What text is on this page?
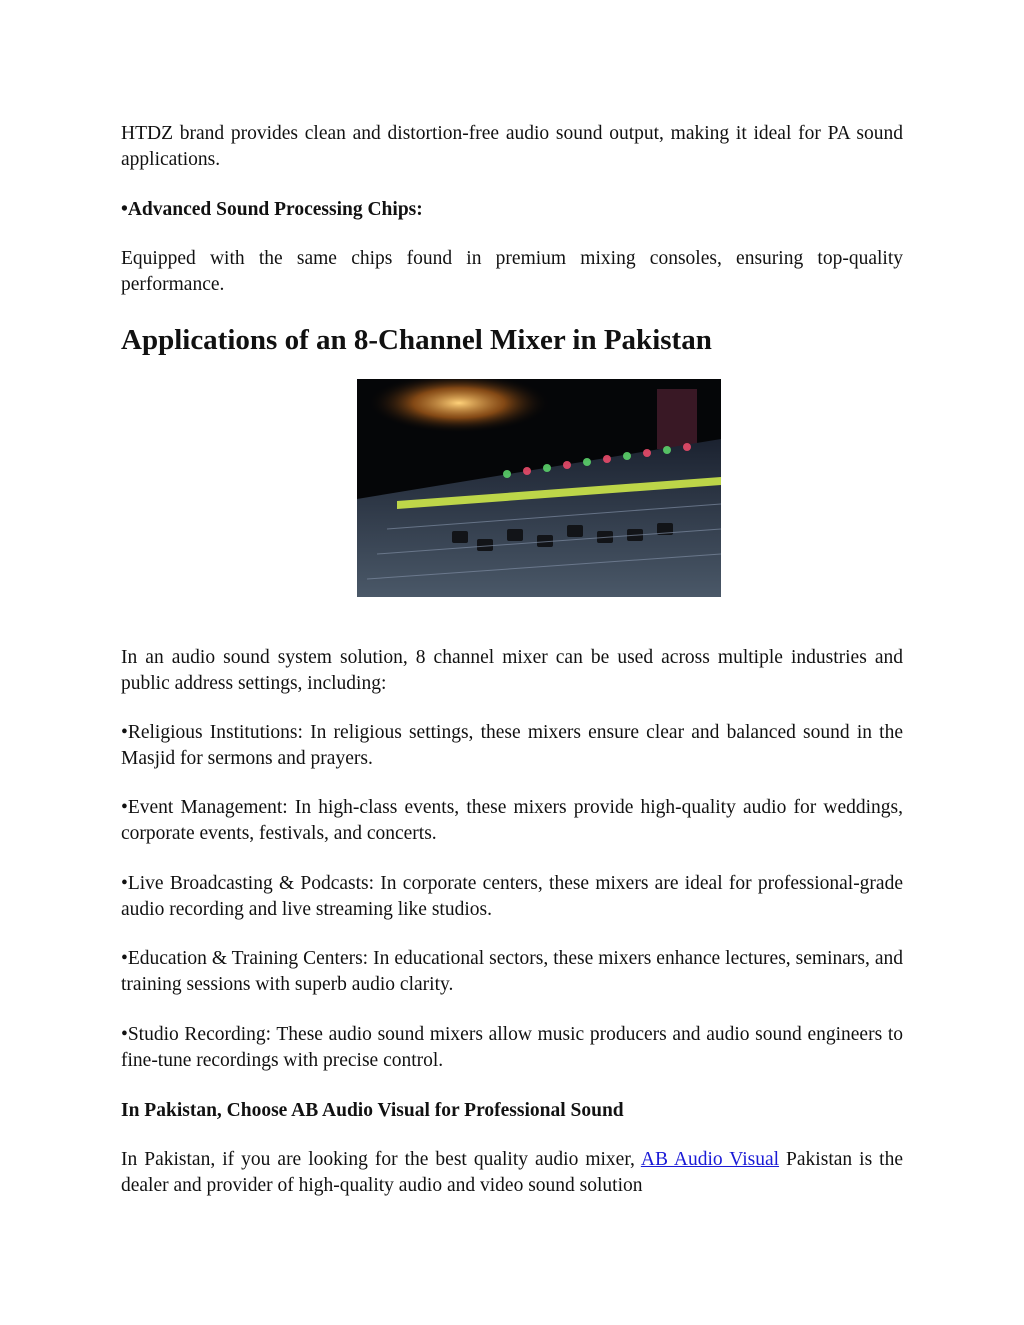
HTDZ brand provides clean and distortion-free audio sound output, making it ideal for PA sound applications.

•Advanced Sound Processing Chips:

Equipped with the same chips found in premium mixing consoles, ensuring top-quality performance.

Applications of an 8-Channel Mixer in Pakistan

In an audio sound system solution, 8 channel mixer can be used across multiple industries and public address settings, including:

•Religious Institutions: In religious settings, these mixers ensure clear and balanced sound in the Masjid for sermons and prayers.

•Event Management: In high-class events, these mixers provide high-quality audio for weddings, corporate events, festivals, and concerts.

•Live Broadcasting & Podcasts: In corporate centers, these mixers are ideal for professional-grade audio recording and live streaming like studios.

•Education & Training Centers: In educational sectors, these mixers enhance lectures, seminars, and training sessions with superb audio clarity.

•Studio Recording: These audio sound mixers allow music producers and audio sound engineers to fine-tune recordings with precise control.

In Pakistan, Choose AB Audio Visual for Professional Sound

In Pakistan, if you are looking for the best quality audio mixer, AB Audio Visual Pakistan is the dealer and provider of high-quality audio and video sound solution
